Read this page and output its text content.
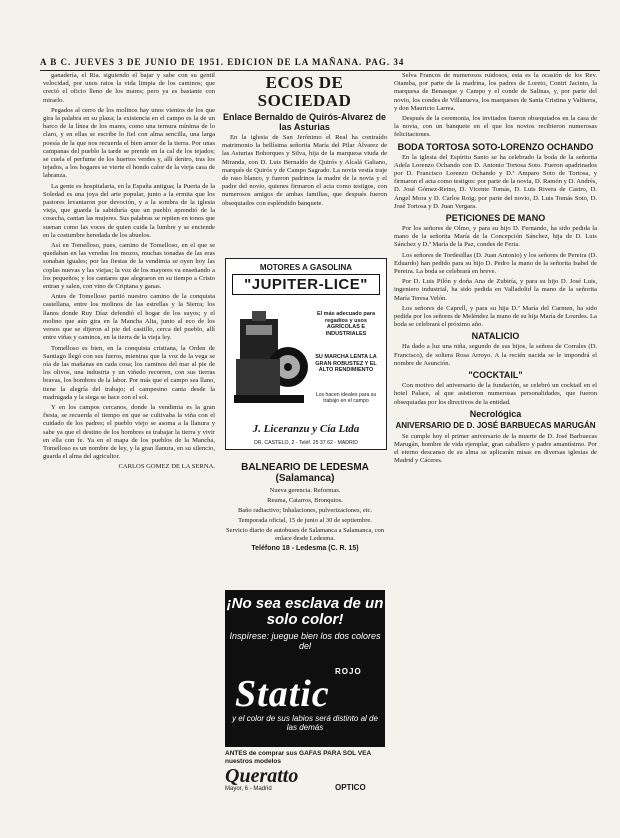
A B C. JUEVES 3 DE JUNIO DE 1951. EDICION DE LA MAÑANA. PAG. 34

ganadería, el Ria. siguiendo el bajar y sabe con su gentil velocidad, por unos ratos la vida limpia de los caminos; que creció el oficio lleno de los mares; pero ya es bastante con mirarlo.

Pegados al cerro de los molinos hay unos vientos de los que gira la palabra en su plaza; la existencia en el campo es la de un barco de la línea de los mares, como una ternura mínima de lo claro, y en ellas se escribe lo fiel con alma sencilla, una larga poesía de la que nos recuerda el bien amor de la tierra. Por unas campanas del pueblo la tarde se prende en la cal de los tejados; se cuela el perfume de los huertos verdes y, allí dentro, tras los tejados, a los hogares se vierte el hondo calor de la vieja casa de labranza.

La gente es hospitalaria, en la España antigua; la Puerta de la Soledad es una joya del arte popular, junto a la ermita que los pastores levantaron por devoción, y a la sombra de la iglesia vieja, que guarda la sabiduría que un pueblo aprendió de la cosecha, cantan las mujeres. Sus palabras se repiten en tonos que suenan como las voces de quien cuida la lumbre y se enciende en la costumbre heredada de los abuelos.

Así en Tomelloso, pues, camino de Tomelloso, en el que se quedaban en las veredas los mozos, muchas tonadas de las eras sonaban iguales; por las fiestas de la vendimia se oyen hoy las coplas nuevas y las viejas; la voz de los mayores va enseñando a los pequeños; y los cantares que alegraron en su tiempo a Cristo entran y salen, con vino de Criptana y ganas.

Antes de Tomelloso partió nuestro camino de la conquista castellana, entre los molinos de las estrellas y la Sierra; los llanos donde Ruy Díaz defendió el hogar de los suyos; y el molino que aún gira en la Mancha Alta, junto al eco de los versos que se dijeron al pie del castillo, cerca del pueblo, allí entre viñas y caminos, en la tierra de la vieja ley.

Tomelloso es bien, en la conquista cristiana, la Orden de Santiago llegó con sus fueros, mientras que la voz de la vega se oía de las mañanas en cada cosa; los caminos del mar al pie de los olivos, una industria y un viñedo recorren, con sus tierras bravas, los hombres de la labor. Por más que el campo sea llano, tiene la alegría del trabajo; el campesino canta desde la madrugada y la siega se hace con el sol.

Y en los campos cercanos, donde la vendimia es la gran fiesta, se recuerda el tiempo en que se cultivaba la viña con el cuidado de los padres; el pueblo viejo se asoma a la llanura y sabe ya que el destino de los hombres es trabajar la tierra y vivir en ella con fe. Ya en el mapa de los pueblos de la Mancha, Tomelloso es un nombre de ley, y la gran llanura, en su silencio, guarda el alma del agricultor.

CARLOS GOMEZ DE LA SERNA.

ECOS DE SOCIEDAD
Enlace Bernaldo de Quirós-Alvarez de las Asturias

En la iglesia de San Jerónimo el Real ha contraído matrimonio la bellísima señorita María del Pilar Álvarez de las Asturias Bohorques y Silva, hija de la marquesa viuda de Miranda, con D. Luis Bernaldo de Quirós y Alcalá Galiano, marqués de Quirós y de Campo Sagrado. La novia vestía traje de raso blanco, y fueron padrinos la madre de la novia y el padre del novio, quienes firmaron el acta como testigos, con numerosos amigos de ambas familias, que después fueron obsequiados con espléndido banquete.

MOTORES A GASOLINA
"JUPITER-LICE"
El más adecuado para regadíos y usos AGRÍCOLAS E INDUSTRIALES
SU MARCHA LENTA LA GRAN ROBUSTEZ Y EL ALTO RENDIMIENTO
Los hacen ideales para su trabajo en el campo
J. Liceranzu y Cía Ltda
DR. CASTELO, 2 - Teléf. 25 37 62 - MADRID
BALNEARIO DE LEDESMA
(Salamanca)

Nueva gerencia. Reformas.

Reuma, Catarros, Bronquios.

Baño radiactivo; Inhalaciones, pulverizaciones, etc.

Temporada oficial, 15 de junio al 30 de septiembre.

Servicio diario de autobuses de Salamanca a Salamanca, con enlace desde Ledesma.

Teléfono 18 - Ledesma (C. R. 15)
¡No sea esclava de un solo color!
Inspírese: juegue bien los dos colores del
ROJO
Static
y el color de sus labios será distinto al de las demás
ANTES de comprar sus GAFAS PARA SOL VEA nuestros modelos
Queratto
OPTICO
Mayor, 6 - Madrid

Selva Francos de numerosos ruidosos, esta es la ocasión de los Rev. Otamba, por parte de la madrina, los padres de Loreto, Contri Jacinto, la marquesa de Benasque y Campo y el conde de Salinas, y, por parte del novio, los condes de Villanueva, los marqueses de Santa Cristina y Valtierra, y don Mauricio Larrea.

Después de la ceremonia, los invitados fueron obsequiados en la casa de la novia, con un banquete en el que los novios recibieron numerosas felicitaciones.

BODA TORTOSA SOTO-LORENZO OCHANDO

En la iglesia del Espíritu Santo se ha celebrado la boda de la señorita Adela Lorenzo Ochando con D. Antonio Tortosa Soto. Fueron apadrinados por D. Francisco Lorenzo Ochando y D.ª Amparo Soto de Tortosa, y firmaron el acta como testigos: por parte de la novia, D. Ramón y D. Andrés, D. José Gómez-Reino, D. Vicente Tomás, D. Luis Rivera de Castro, D. Ángel Mora y D. Carlos Roig; por parte del novio, D. Luis Tomás Soto, D. José Tortosa y D. Juan Vergara.

PETICIONES DE MANO

Por los señores de Olmo, y para su hijo D. Fernando, ha sido pedida la mano de la señorita María de la Concepción Sánchez, hija de D. Luis Sánchez y D.ª María de la Paz, condes de Feria.

Los señores de Tordesillas (D. Juan Antonio) y los señores de Pereira (D. Eduardo) han pedido para su hijo D. Pedro la mano de la señorita Isabel de Pereira. La boda se celebrará en breve.

Por D. Luis Pilón y doña Ana de Zubiría, y para su hijo D. José Luis, ingeniero industrial, ha sido pedida en Valladolid la mano de la señorita María Teresa Velón.

Los señores de Caprell, y para su hija D.ª María del Carmen, ha sido pedida por los señores de Meléndez la mano de su hija María de Lourdes. La boda se celebrará el próximo año.

NATALICIO

Ha dado a luz una niña, segundo de sus hijos, la señora de Corrales (D. Francisco), de soltera Rosa Arroyo. A la recién nacida se le impondrá el nombre de Asunción.

"COCKTAIL"

Con motivo del aniversario de la fundación, se celebró un cocktail en el hotel Palace, al que asistieron numerosas personalidades, que fueron obsequiadas por los directivos de la entidad.

Necrológica
ANIVERSARIO DE D. JOSÉ BARBUECAS MARUGÁN

Se cumple hoy el primer aniversario de la muerte de D. José Barbuecas Marugán, hombre de vida ejemplar, gran caballero y padre amantísimo. Por el eterno descanso de su alma se aplicarán misas en diversas iglesias de Madrid y Cáceres.
